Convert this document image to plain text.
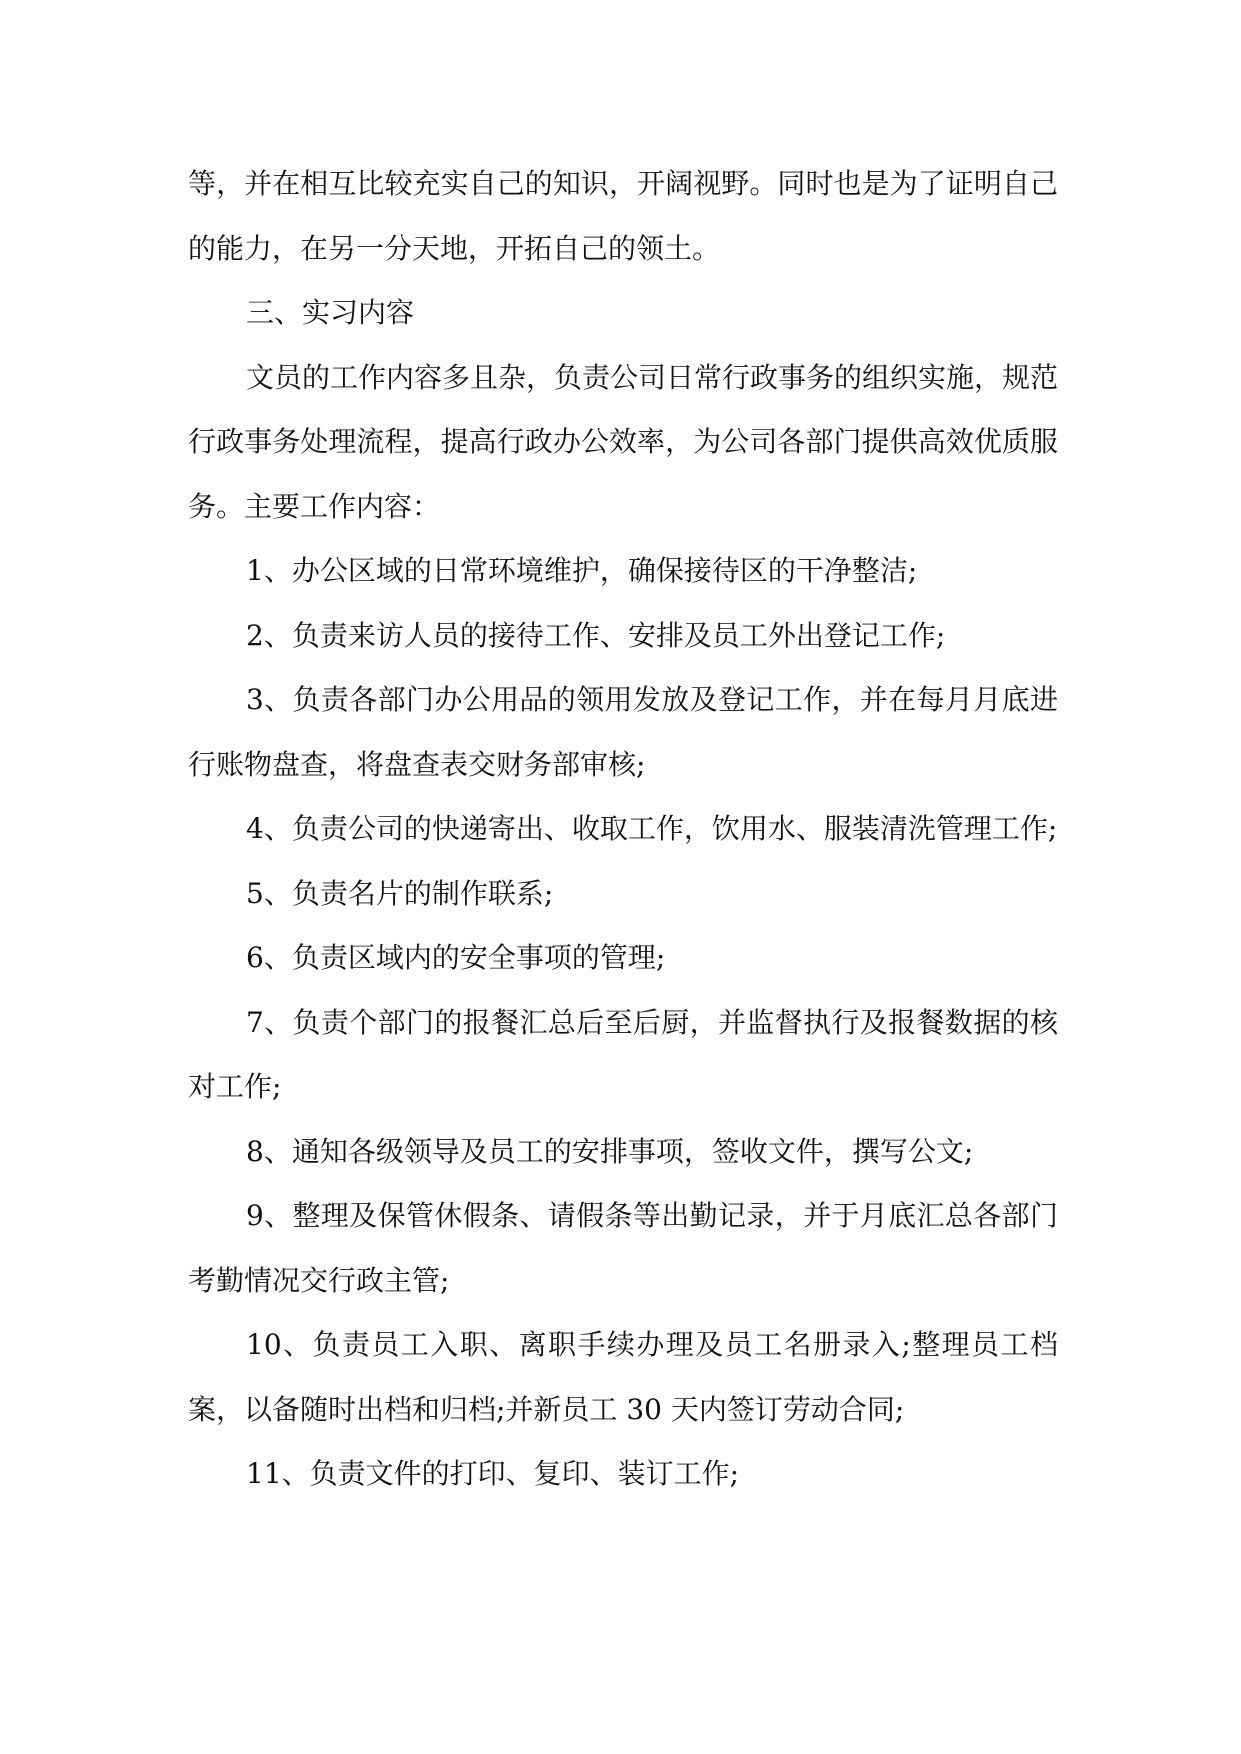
等，并在相互比较充实自己的知识，开阔视野。同时也是为了证明自己的能力，在另一分天地，开拓自己的领土。

三、实习内容

文员的工作内容多且杂，负责公司日常行政事务的组织实施，规范行政事务处理流程，提高行政办公效率，为公司各部门提供高效优质服务。主要工作内容：

1、办公区域的日常环境维护，确保接待区的干净整洁;

2、负责来访人员的接待工作、安排及员工外出登记工作;

3、负责各部门办公用品的领用发放及登记工作，并在每月月底进行账物盘查，将盘查表交财务部审核;

4、负责公司的快递寄出、收取工作，饮用水、服装清洗管理工作;

5、负责名片的制作联系;

6、负责区域内的安全事项的管理;

7、负责个部门的报餐汇总后至后厨，并监督执行及报餐数据的核对工作;

8、通知各级领导及员工的安排事项，签收文件，撰写公文;

9、整理及保管休假条、请假条等出勤记录，并于月底汇总各部门考勤情况交行政主管;

10、负责员工入职、离职手续办理及员工名册录入;整理员工档案，以备随时出档和归档;并新员工 30 天内签订劳动合同;

11、负责文件的打印、复印、装订工作;
